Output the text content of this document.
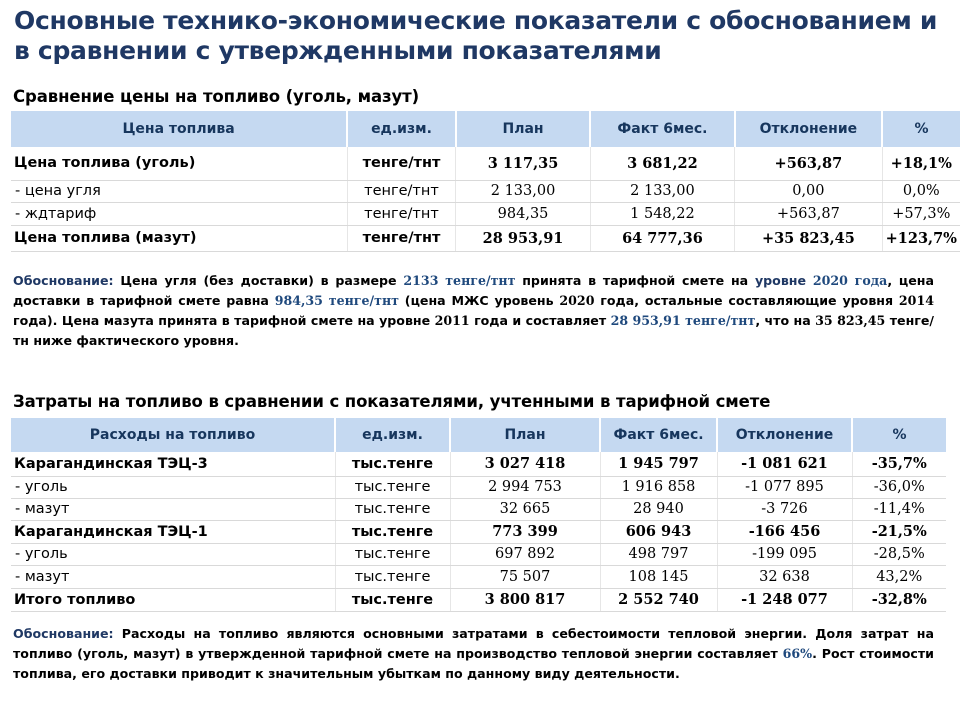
Основные технико-экономические показатели с обоснованием и в сравнении с утвержденными показателями
Сравнение цены на топливо (уголь, мазут)
Цена топлива	ед.изм.	План	Факт 6мес.	Отклонение	%
Цена топлива (уголь)	тенге/тнт	3 117,35	3 681,22	+563,87	+18,1%
- цена угля	тенге/тнт	2 133,00	2 133,00	0,00	0,0%
- ждтариф	тенге/тнт	984,35	1 548,22	+563,87	+57,3%
Цена топлива (мазут)	тенге/тнт	28 953,91	64 777,36	+35 823,45	+123,7%
Обоснование: Цена угля (без доставки) в размере 2133 тенге/тнт принята в тарифной смете на уровне 2020 года, цена доставки в тарифной смете равна 984,35 тенге/тнт (цена МЖС уровень 2020 года, остальные составляющие уровня 2014 года). Цена мазута принята в тарифной смете на уровне 2011 года и составляет 28 953,91 тенге/тнт, что на 35 823,45 тенге/тн ниже фактического уровня.
Затраты на топливо в сравнении с показателями, учтенными в тарифной смете
Расходы на топливо	ед.изм.	План	Факт 6мес.	Отклонение	%
Карагандинская ТЭЦ-3	тыс.тенге	3 027 418	1 945 797	-1 081 621	-35,7%
- уголь	тыс.тенге	2 994 753	1 916 858	-1 077 895	-36,0%
- мазут	тыс.тенге	32 665	28 940	-3 726	-11,4%
Карагандинская ТЭЦ-1	тыс.тенге	773 399	606 943	-166 456	-21,5%
- уголь	тыс.тенге	697 892	498 797	-199 095	-28,5%
- мазут	тыс.тенге	75 507	108 145	32 638	43,2%
Итого топливо	тыс.тенге	3 800 817	2 552 740	-1 248 077	-32,8%
Обоснование: Расходы на топливо являются основными затратами в себестоимости тепловой энергии. Доля затрат на топливо (уголь, мазут) в утвержденной тарифной смете на производство тепловой энергии составляет 66%. Рост стоимости топлива, его доставки приводит к значительным убыткам по данному виду деятельности.
